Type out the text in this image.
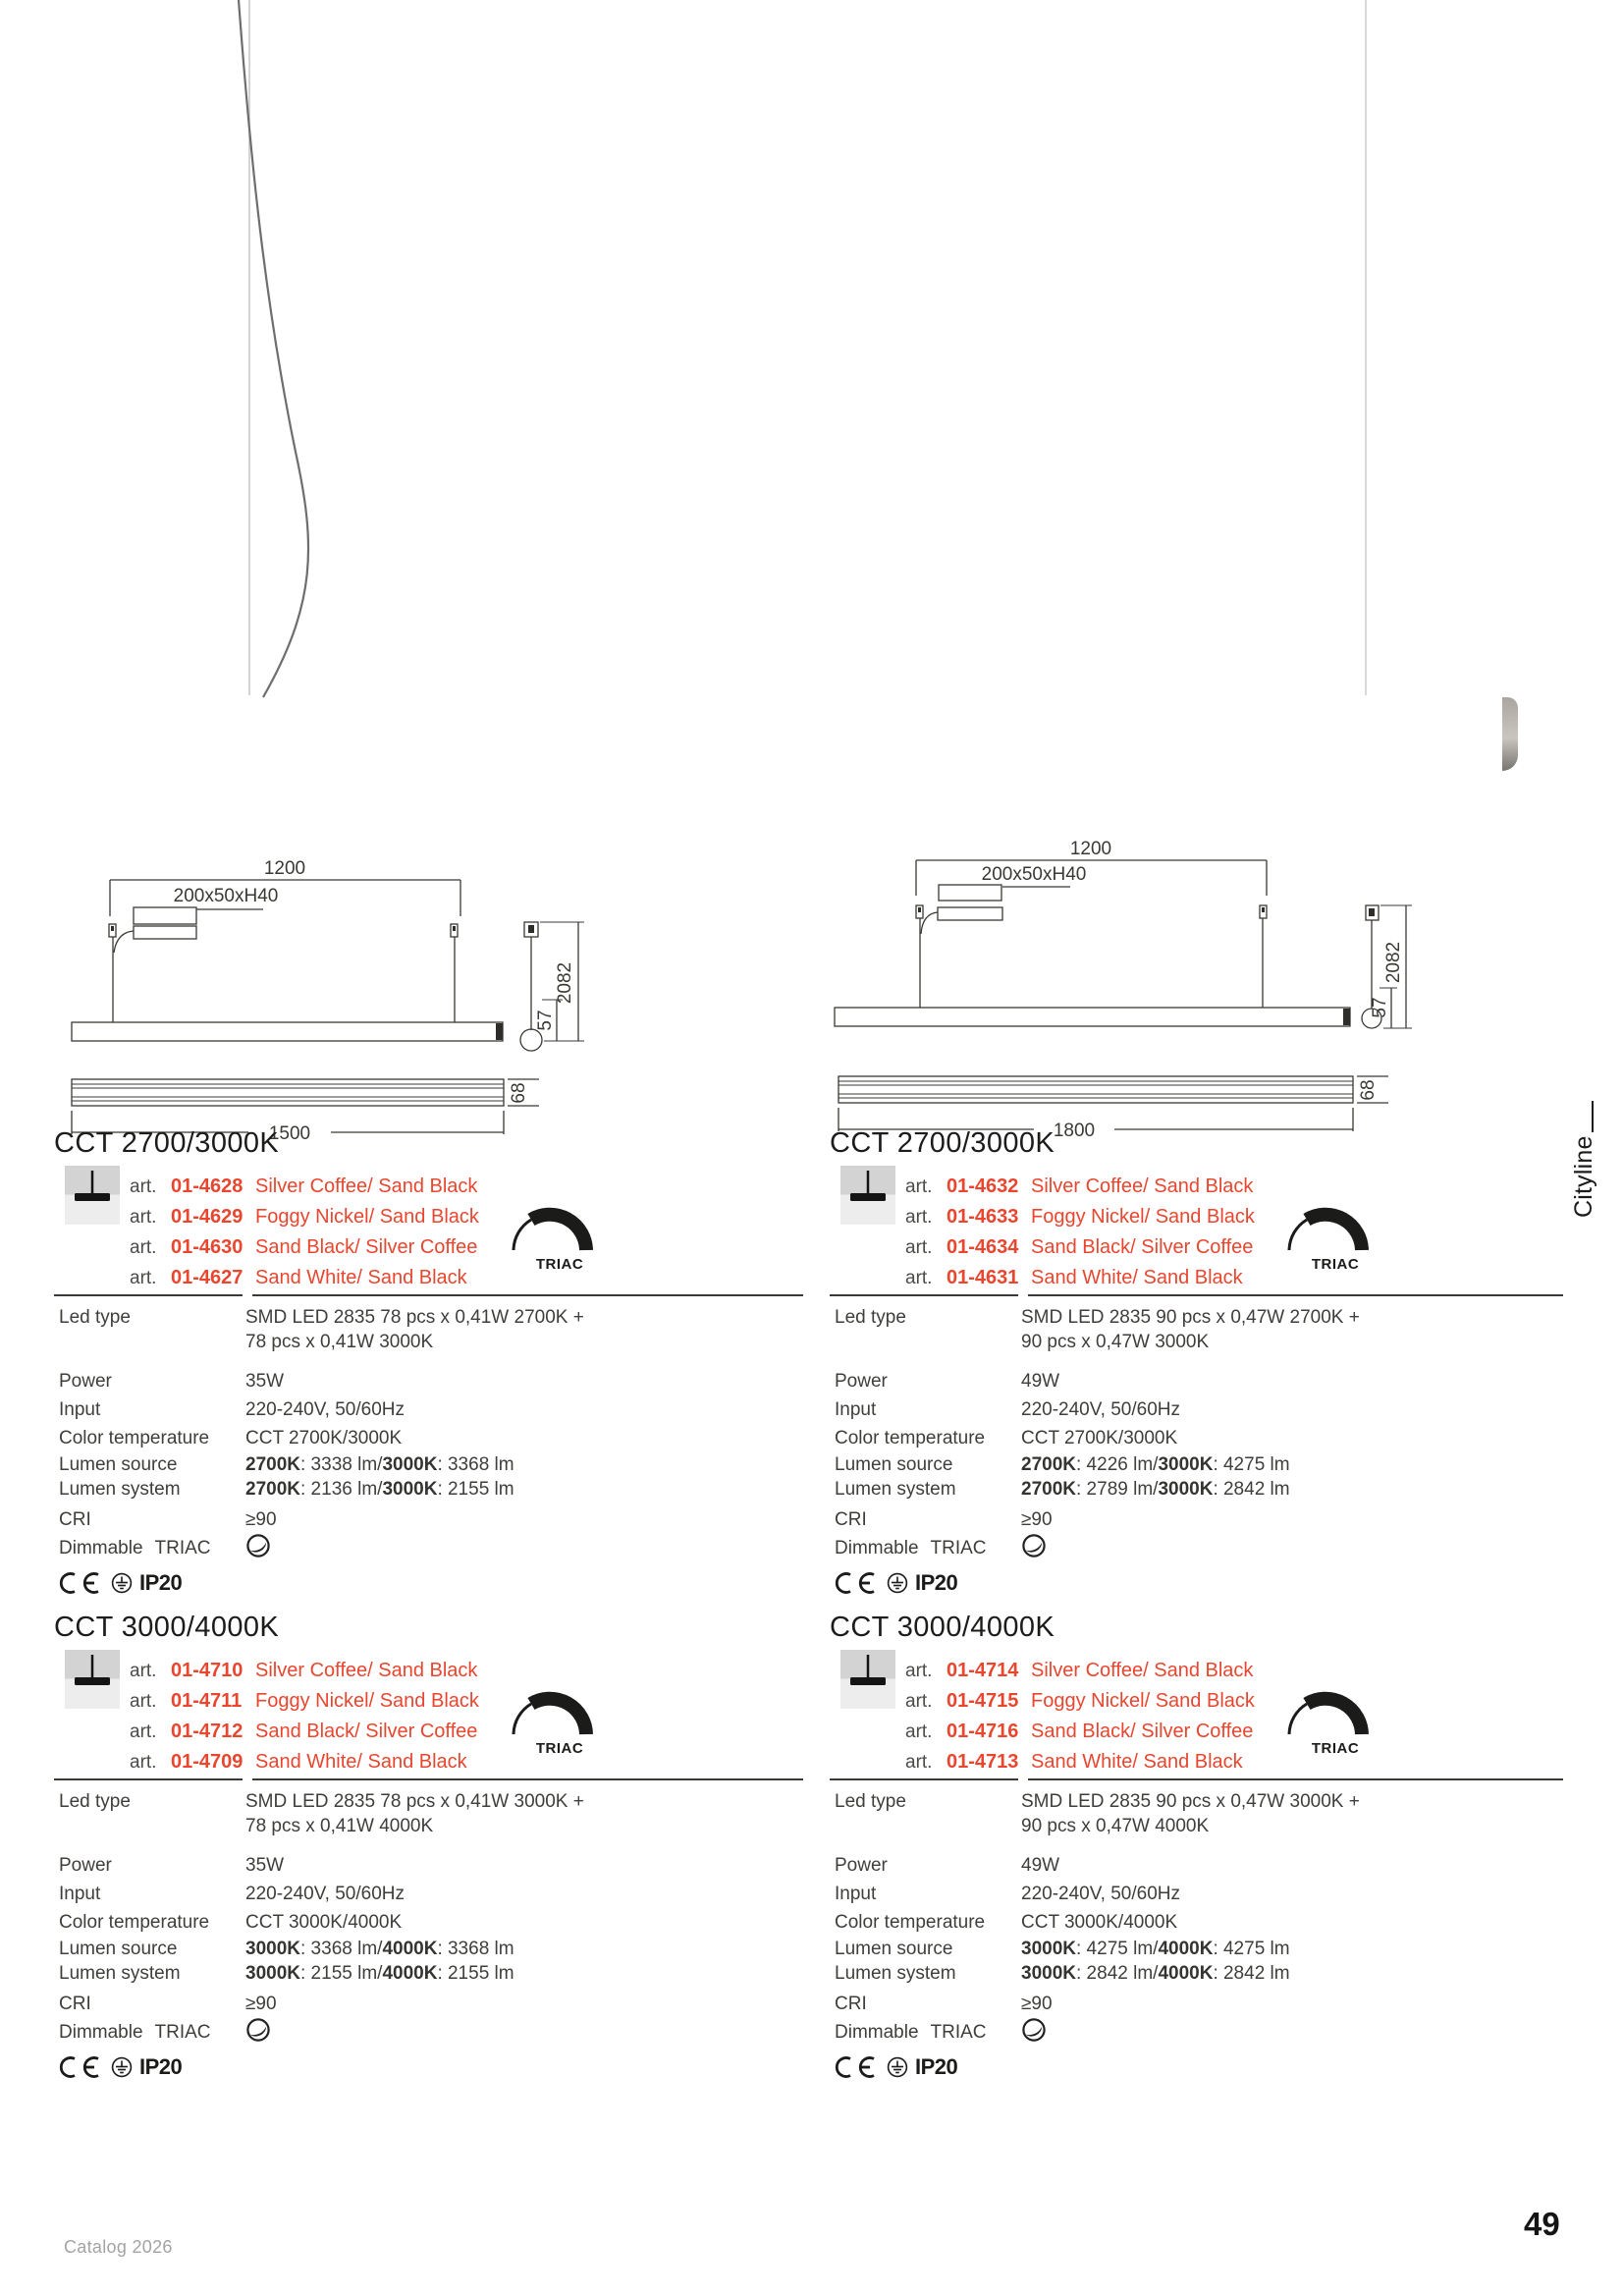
1200
200x50xH40
2082
57
68
1500
1200
200x50xH40
2082
57
68
1800
CCT 2700/3000K
art. 01-4628 Silver Coffee/ Sand Black
art. 01-4629 Foggy Nickel/ Sand Black
art. 01-4630 Sand Black/ Silver Coffee
art. 01-4627 Sand White/ Sand Black
TRIAC
Led type	SMD LED 2835 78 pcs x 0,41W 2700K +
78 pcs x 0,41W 3000K
Power	35W
Input	220-240V, 50/60Hz
Color temperature	CCT 2700K/3000K
Lumen source	2700K: 3338 lm/3000K: 3368 lm
Lumen system	2700K: 2136 lm/3000K: 2155 lm
CRI	≥90
Dimmable TRIAC
IP20
CCT 2700/3000K
art. 01-4632 Silver Coffee/ Sand Black
art. 01-4633 Foggy Nickel/ Sand Black
art. 01-4634 Sand Black/ Silver Coffee
art. 01-4631 Sand White/ Sand Black
TRIAC
Led type	SMD LED 2835 90 pcs x 0,47W 2700K +
90 pcs x 0,47W 3000K
Power	49W
Input	220-240V, 50/60Hz
Color temperature	CCT 2700K/3000K
Lumen source	2700K: 4226 lm/3000K: 4275 lm
Lumen system	2700K: 2789 lm/3000K: 2842 lm
CRI	≥90
Dimmable TRIAC
IP20
CCT 3000/4000K
art. 01-4710 Silver Coffee/ Sand Black
art. 01-4711 Foggy Nickel/ Sand Black
art. 01-4712 Sand Black/ Silver Coffee
art. 01-4709 Sand White/ Sand Black
TRIAC
Led type	SMD LED 2835 78 pcs x 0,41W 3000K +
78 pcs x 0,41W 4000K
Power	35W
Input	220-240V, 50/60Hz
Color temperature	CCT 3000K/4000K
Lumen source	3000K: 3368 lm/4000K: 3368 lm
Lumen system	3000K: 2155 lm/4000K: 2155 lm
CRI	≥90
Dimmable TRIAC
IP20
CCT 3000/4000K
art. 01-4714 Silver Coffee/ Sand Black
art. 01-4715 Foggy Nickel/ Sand Black
art. 01-4716 Sand Black/ Silver Coffee
art. 01-4713 Sand White/ Sand Black
TRIAC
Led type	SMD LED 2835 90 pcs x 0,47W 3000K +
90 pcs x 0,47W 4000K
Power	49W
Input	220-240V, 50/60Hz
Color temperature	CCT 3000K/4000K
Lumen source	3000K: 4275 lm/4000K: 4275 lm
Lumen system	3000K: 2842 lm/4000K: 2842 lm
CRI	≥90
Dimmable TRIAC
IP20
Cityline
Catalog 2026
49
